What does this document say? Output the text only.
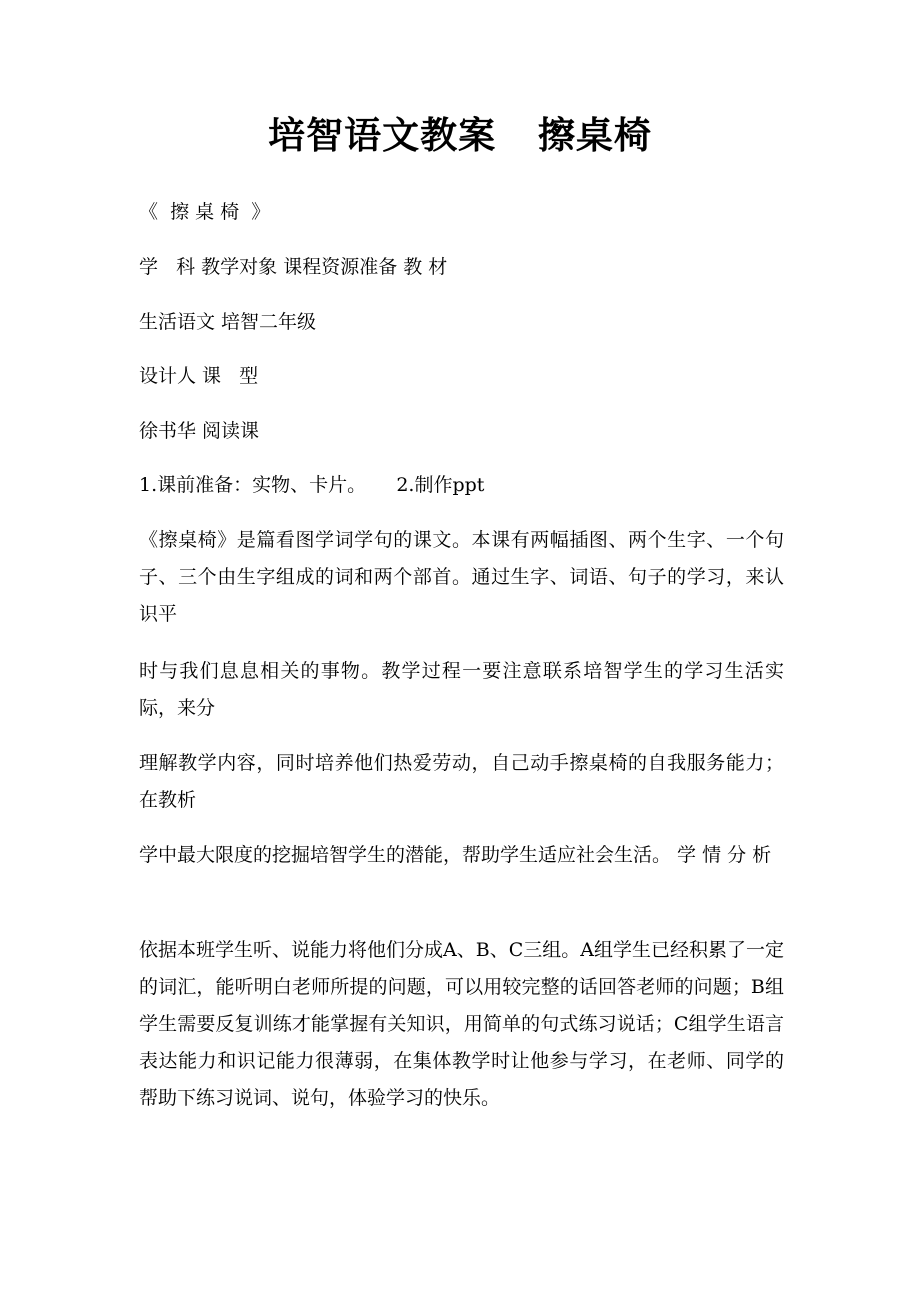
培智语文教案   擦桌椅
《  擦 桌 椅  》
学   科 教学对象 课程资源准备 教 材
生活语文 培智二年级
设计人 课   型
徐书华 阅读课
1.课前准备：实物、卡片。     2.制作ppt
《擦桌椅》是篇看图学词学句的课文。本课有两幅插图、两个生字、一个句子、三个由生字组成的词和两个部首。通过生字、词语、句子的学习，来认识平
时与我们息息相关的事物。教学过程一要注意联系培智学生的学习生活实际，来分
理解教学内容，同时培养他们热爱劳动，自己动手擦桌椅的自我服务能力；在教析
学中最大限度的挖掘培智学生的潜能，帮助学生适应社会生活。 学 情 分 析
依据本班学生听、说能力将他们分成A、B、C三组。A组学生已经积累了一定的词汇，能听明白老师所提的问题，可以用较完整的话回答老师的问题；B组学生需要反复训练才能掌握有关知识，用简单的句式练习说话；C组学生语言表达能力和识记能力很薄弱，在集体教学时让他参与学习，在老师、同学的帮助下练习说词、说句，体验学习的快乐。
